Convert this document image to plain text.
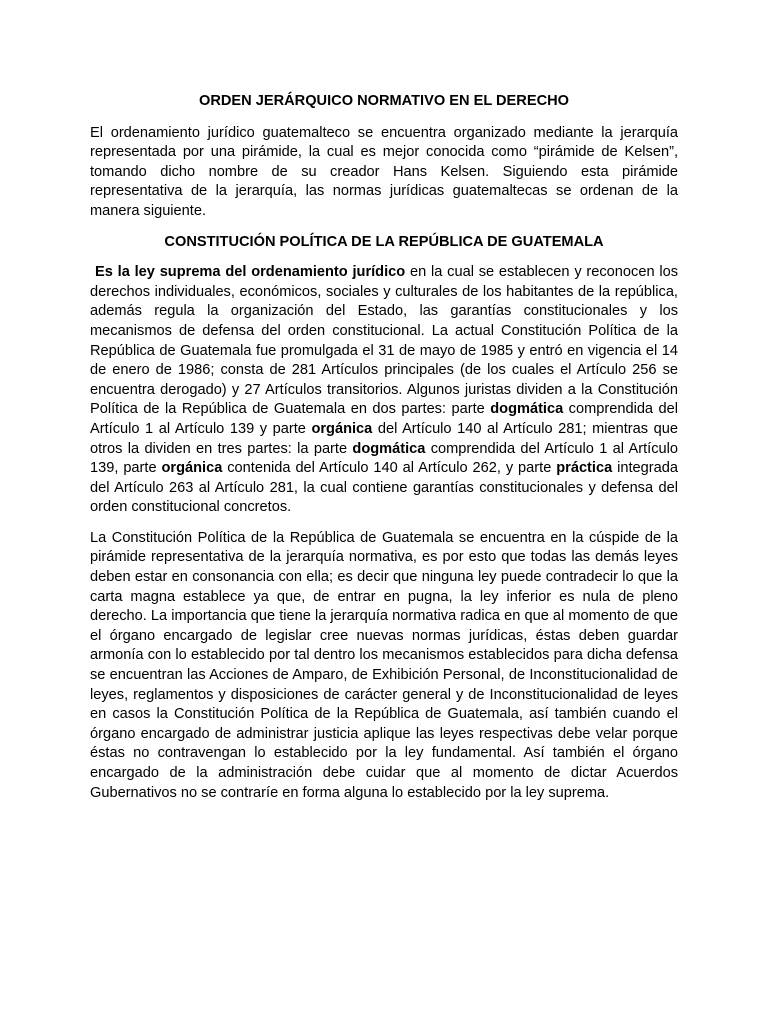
ORDEN JERÁRQUICO NORMATIVO EN EL DERECHO

El ordenamiento jurídico guatemalteco se encuentra organizado mediante la jerarquía representada por una pirámide, la cual es mejor conocida como “pirámide de Kelsen”, tomando dicho nombre de su creador Hans Kelsen. Siguiendo esta pirámide representativa de la jerarquía, las normas jurídicas guatemaltecas se ordenan de la manera siguiente.

CONSTITUCIÓN POLÍTICA DE LA REPÚBLICA DE GUATEMALA

Es la ley suprema del ordenamiento jurídico en la cual se establecen y reconocen los derechos individuales, económicos, sociales y culturales de los habitantes de la república, además regula la organización del Estado, las garantías constitucionales y los mecanismos de defensa del orden constitucional. La actual Constitución Política de la República de Guatemala fue promulgada el 31 de mayo de 1985 y entró en vigencia el 14 de enero de 1986; consta de 281 Artículos principales (de los cuales el Artículo 256 se encuentra derogado) y 27 Artículos transitorios. Algunos juristas dividen a la Constitución Política de la República de Guatemala en dos partes: parte dogmática comprendida del Artículo 1 al Artículo 139 y parte orgánica del Artículo 140 al Artículo 281; mientras que otros la dividen en tres partes: la parte dogmática comprendida del Artículo 1 al Artículo 139, parte orgánica contenida del Artículo 140 al Artículo 262, y parte práctica integrada del Artículo 263 al Artículo 281, la cual contiene garantías constitucionales y defensa del orden constitucional concretos.

La Constitución Política de la República de Guatemala se encuentra en la cúspide de la pirámide representativa de la jerarquía normativa, es por esto que todas las demás leyes deben estar en consonancia con ella; es decir que ninguna ley puede contradecir lo que la carta magna establece ya que, de entrar en pugna, la ley inferior es nula de pleno derecho. La importancia que tiene la jerarquía normativa radica en que al momento de que el órgano encargado de legislar cree nuevas normas jurídicas, éstas deben guardar armonía con lo establecido por tal dentro los mecanismos establecidos para dicha defensa se encuentran las Acciones de Amparo, de Exhibición Personal, de Inconstitucionalidad de leyes, reglamentos y disposiciones de carácter general y de Inconstitucionalidad de leyes en casos la Constitución Política de la República de Guatemala, así también cuando el órgano encargado de administrar justicia aplique las leyes respectivas debe velar porque éstas no contravengan lo establecido por la ley fundamental. Así también el órgano encargado de la administración debe cuidar que al momento de dictar Acuerdos Gubernativos no se contraríe en forma alguna lo establecido por la ley suprema.
